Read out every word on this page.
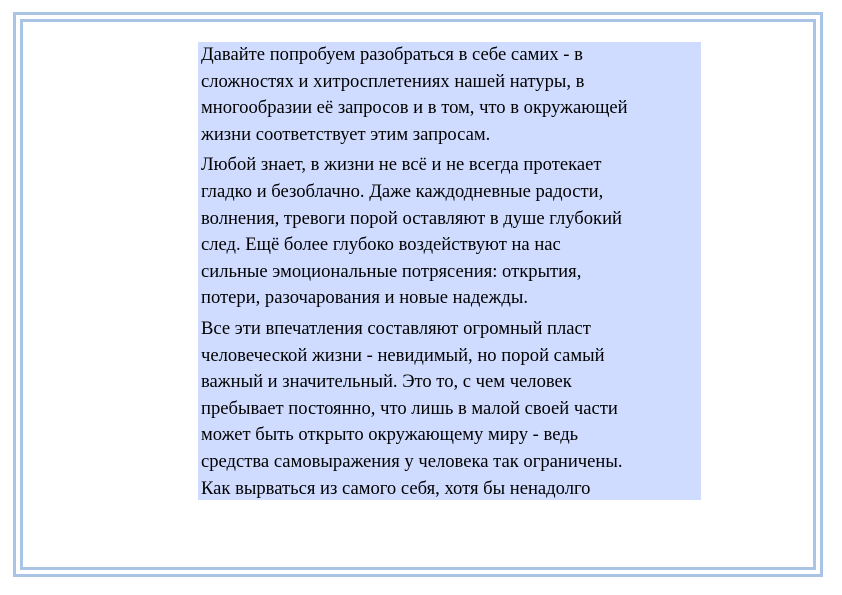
Давайте попробуем разобраться в себе самих - в
сложностях и хитросплетениях нашей натуры, в
многообразии её запросов и в том, что в окружающей
жизни соответствует этим запросам.

Любой знает, в жизни не всё и не всегда протекает
гладко и безоблачно. Даже каждодневные радости,
волнения, тревоги порой оставляют в душе глубокий
след. Ещё более глубоко воздействуют на нас
сильные эмоциональные потрясения: открытия,
потери, разочарования и новые надежды.

Все эти впечатления составляют огромный пласт
человеческой жизни - невидимый, но порой самый
важный и значительный. Это то, с чем человек
пребывает постоянно, что лишь в малой своей части
может быть открыто окружающему миру - ведь
средства самовыражения у человека так ограничены.
Как вырваться из самого себя, хотя бы ненадолго
